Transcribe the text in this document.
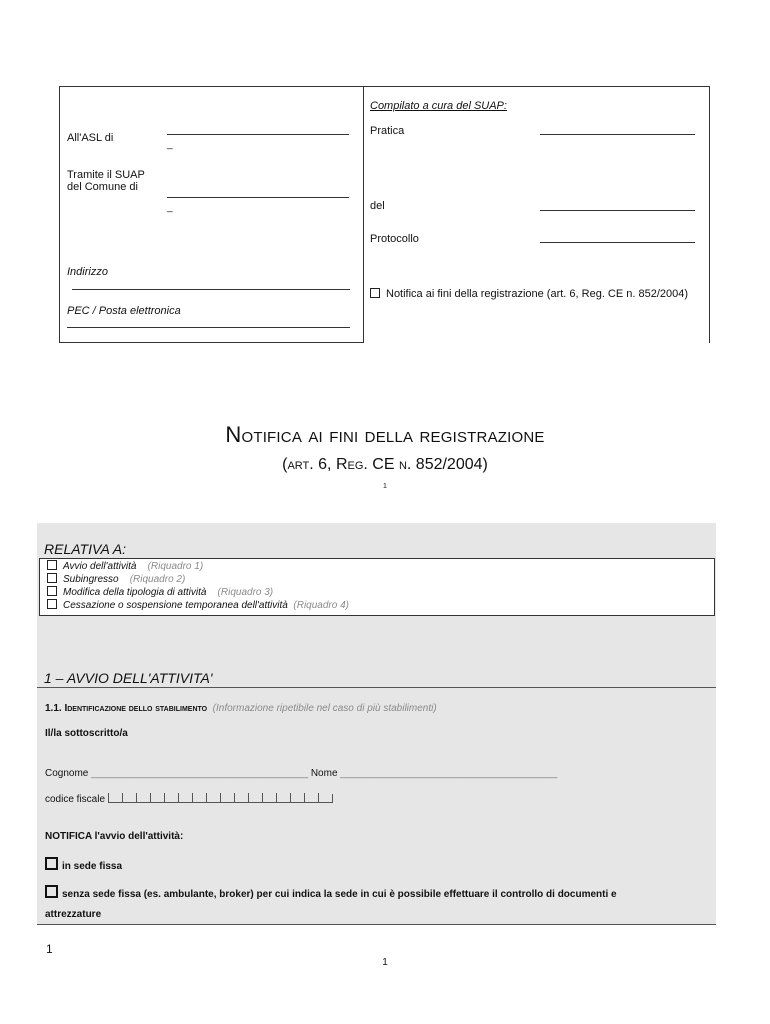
All'ASL di
_
Tramite il SUAP
del Comune di
_
Indirizzo
PEC / Posta elettronica
Compilato a cura del SUAP:
Pratica
del
Protocollo
Notifica ai fini della registrazione (art. 6, Reg. CE n. 852/2004)
Notifica ai fini della registrazione
(art. 6, Reg. CE n. 852/2004)
1
RELATIVA A:
Avvio dell'attività (Riquadro 1)
Subingresso (Riquadro 2)
Modifica della tipologia di attività (Riquadro 3)
Cessazione o sospensione temporanea dell'attività (Riquadro 4)
1 – AVVIO DELL'ATTIVITA'
1.1. Identificazione dello stabilimento (Informazione ripetibile nel caso di più stabilimenti)
Il/la sottoscritto/a
Cognome _______________________________________ Nome _______________________________________
codice fiscale
NOTIFICA l'avvio dell'attività:
in sede fissa
senza sede fissa (es. ambulante, broker) per cui indica la sede in cui è possibile effettuare il controllo di documenti e
attrezzature
1
1
